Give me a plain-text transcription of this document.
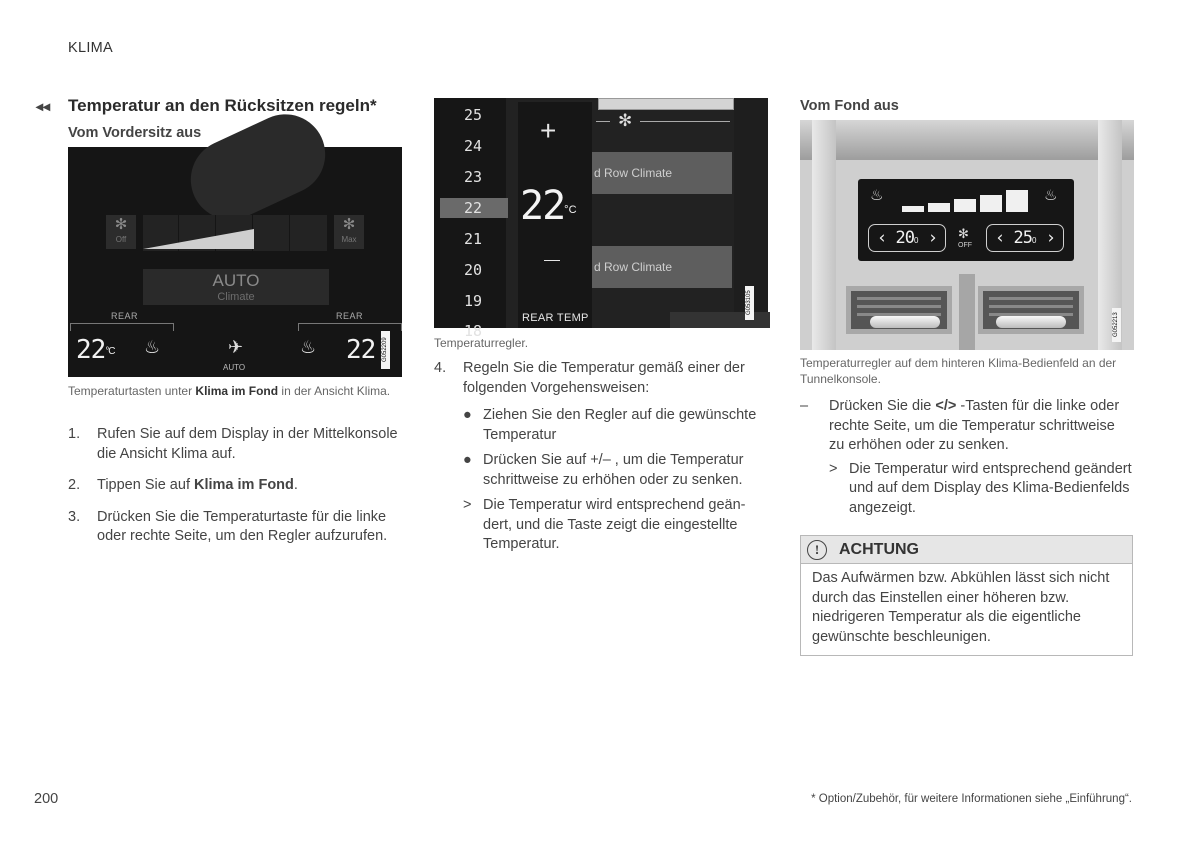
KLIMA
◂◂ Temperatur an den Rücksitzen regeln*
Vom Vordersitz aus
✻
Off
✻
Max
AUTO
Climate
REAR	REAR
$22^{^\circ C}$ ♨	✈
AUTO
♨ 22 G052209
Temperaturtasten unter Klima im Fond in der Ansicht Klima.
1. Rufen Sie auf dem Display in der Mittelkonsole die Ansicht Klima auf.
2. Tippen Sie auf Klima im Fond.
3. Drücken Sie die Temperaturtaste für die linke oder rechte Seite, um den Regler aufzurufen.
25
24
23
22
21
20
19
18
+
$22^{^\circ C}$
REAR TEMP
✻
d Row Climate
d Row Climate
G053105
Temperaturregler.
4. Regeln Sie die Temperatur gemäß einer der folgenden Vorgehensweisen:
● Ziehen Sie den Regler auf die gewünschte Temperatur
● Drücken Sie auf +/– , um die Temperatur schrittweise zu erhöhen oder zu senken.
> Die Temperatur wird entsprechend geändert, und die Taste zeigt die eingestellte Temperatur.
Vom Fond aus
♨	♨
‹ $20^0$ ›	✻
OFF	‹ $25^0$ ›
G052213
Temperaturregler auf dem hinteren Klima-Bedienfeld an der Tunnelkonsole.
– Drücken Sie die </> -Tasten für die linke oder rechte Seite, um die Temperatur schrittweise zu erhöhen oder zu senken.
> Die Temperatur wird entsprechend geändert und auf dem Display des Klima-Bedienfelds angezeigt.
!	ACHTUNG
Das Aufwärmen bzw. Abkühlen lässt sich nicht durch das Einstellen einer höheren bzw. niedrigeren Temperatur als die eigentliche gewünschte beschleunigen.
200	* Option/Zubehör, für weitere Informationen siehe „Einführung“.
